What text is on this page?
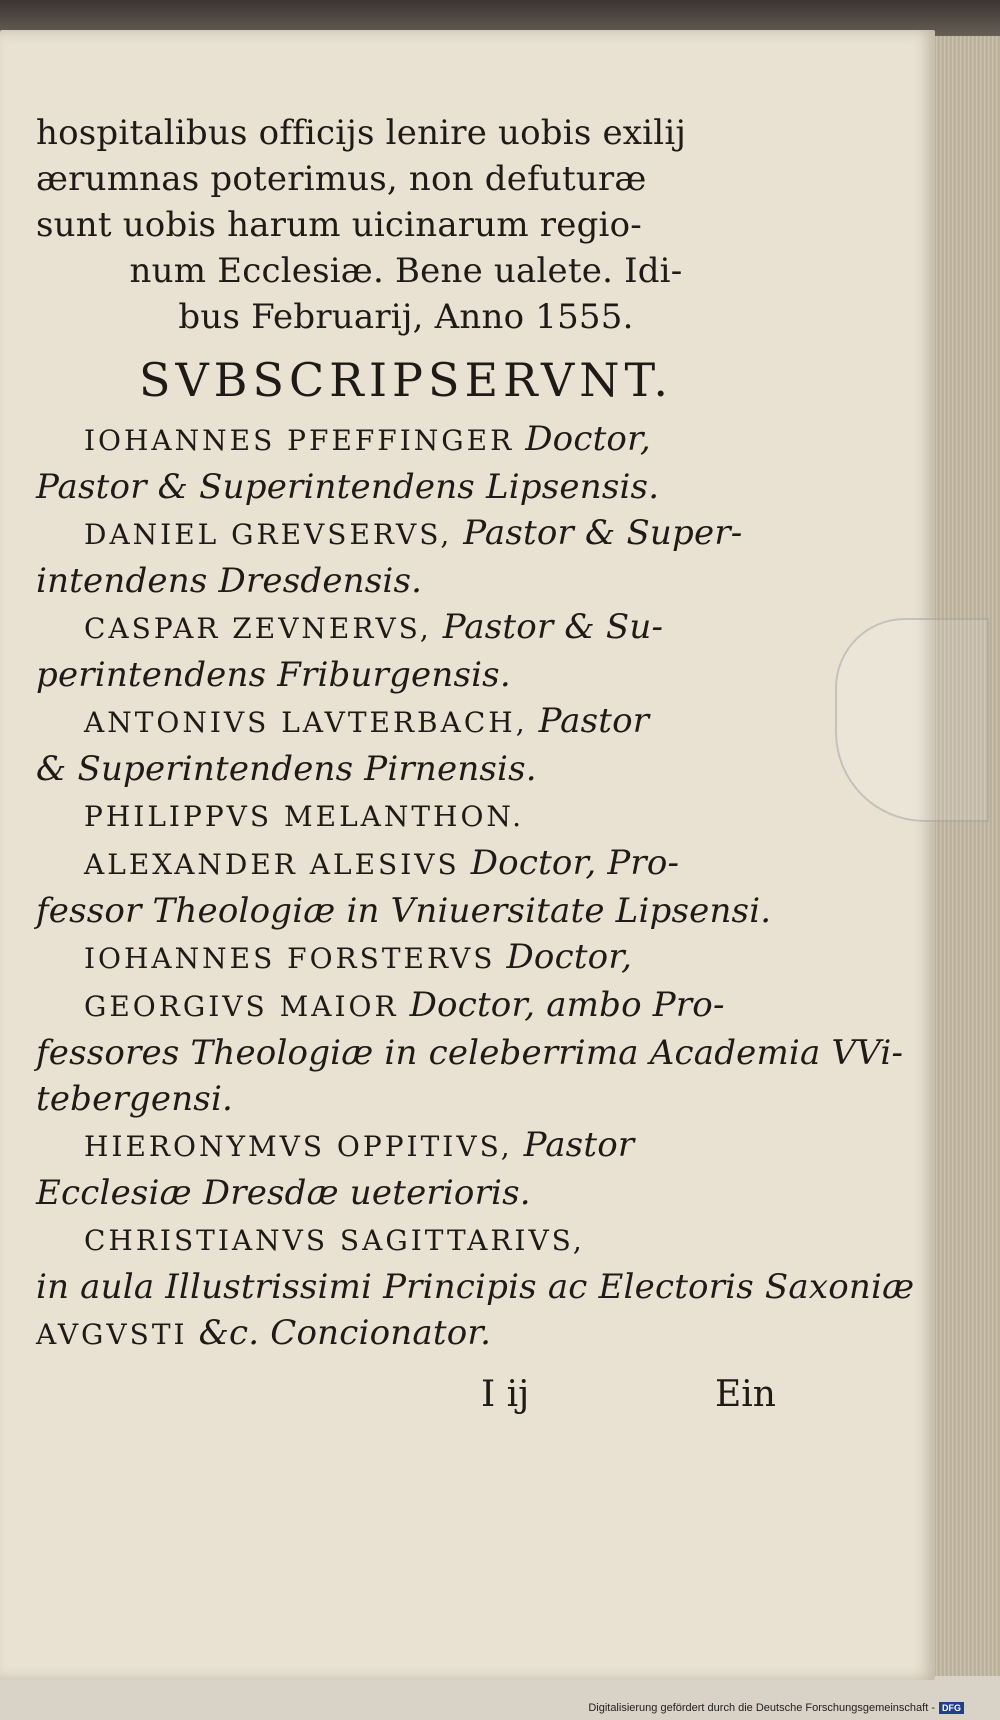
hospitalibus officijs lenire uobis exilij

ærumnas poterimus, non defuturæ

sunt uobis harum uicinarum regio-

num Ecclesiæ. Bene ualete. Idi-

bus Februarij, Anno 1555.

SVBSCRIPSERVNT.

IOHANNES PFEFFINGER Doctor,

Pastor & Superintendens Lipsensis.

DANIEL GREVSERVS, Pastor & Super-

intendens Dresdensis.

CASPAR ZEVNERVS, Pastor & Su-

perintendens Friburgensis.

ANTONIVS LAVTERBACH, Pastor

& Superintendens Pirnensis.

PHILIPPVS MELANTHON.

ALEXANDER ALESIVS Doctor, Pro-

fessor Theologiæ in Vniuersitate Lipsensi.

IOHANNES FORSTERVS Doctor,

GEORGIVS MAIOR Doctor, ambo Pro-

fessores Theologiæ in celeberrima Academia VVi-

tebergensi.

HIERONYMVS OPPITIVS, Pastor

Ecclesiæ Dresdæ ueterioris.

CHRISTIANVS SAGITTARIVS,

in aula Illustrissimi Principis ac Electoris Saxoniæ

AVGVSTI &c. Concionator.

I ij	Ein
Digitalisierung gefördert durch die Deutsche Forschungsgemeinschaft - DFG
